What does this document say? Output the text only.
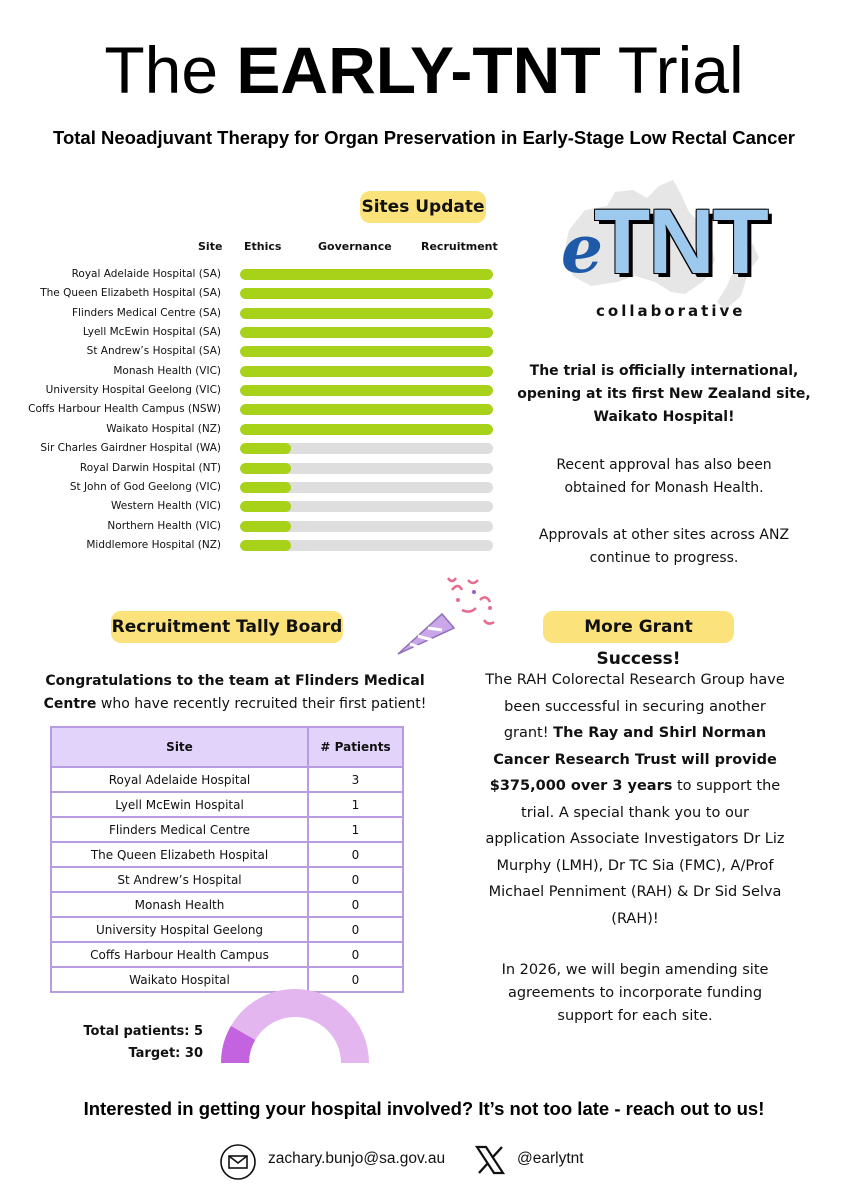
The EARLY-TNT Trial
Total Neoadjuvant Therapy for Organ Preservation in Early-Stage Low Rectal Cancer
Sites Update
Site Ethics	Governance	Recruitment
Royal Adelaide Hospital (SA)
The Queen Elizabeth Hospital (SA)
Flinders Medical Centre (SA)
Lyell McEwin Hospital (SA)
St Andrew’s Hospital (SA)
Monash Health (VIC)
University Hospital Geelong (VIC)
Coffs Harbour Health Campus (NSW)
Waikato Hospital (NZ)
Sir Charles Gairdner Hospital (WA)
Royal Darwin Hospital (NT)
St John of God Geelong (VIC)
Western Health (VIC)
Northern Health (VIC)
Middlemore Hospital (NZ)
TNT
e
collaborative
The trial is officially international,
opening at its first New Zealand site,
Waikato Hospital!
Recent approval has also been
obtained for Monash Health.
Approvals at other sites across ANZ
continue to progress.
Recruitment Tally Board
Congratulations to the team at Flinders Medical Centre who have recently recruited their first patient!
Site	# Patients
Royal Adelaide Hospital	3
Lyell McEwin Hospital	1
Flinders Medical Centre	1
The Queen Elizabeth Hospital	0
St Andrew’s Hospital	0
Monash Health	0
University Hospital Geelong	0
Coffs Harbour Health Campus	0
Waikato Hospital	0
Total patients: 5
Target: 30
More Grant Success!
The RAH Colorectal Research Group have been successful in securing another grant! The Ray and Shirl Norman Cancer Research Trust will provide $375,000 over 3 years to support the trial. A special thank you to our application Associate Investigators Dr Liz Murphy (LMH), Dr TC Sia (FMC), A/Prof Michael Penniment (RAH) & Dr Sid Selva (RAH)!
In 2026, we will begin amending site agreements to incorporate funding support for each site.
Interested in getting your hospital involved? It’s not too late - reach out to us!
zachary.bunjo@sa.gov.au	@earlytnt
